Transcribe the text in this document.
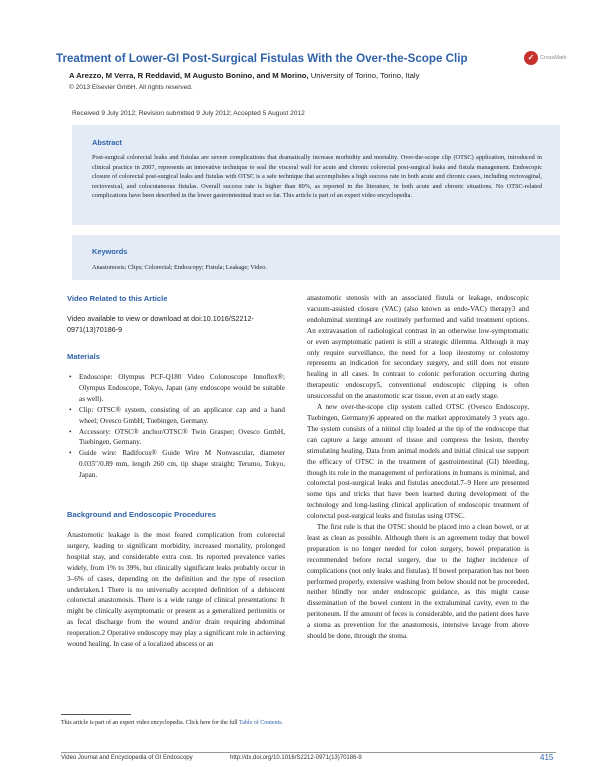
Treatment of Lower-GI Post-Surgical Fistulas With the Over-the-Scope Clip	✓	CrossMark
A Arezzo, M Verra, R Reddavid, M Augusto Bonino, and M Morino, University of Torino, Torino, Italy
© 2013 Elsevier GmbH. All rights reserved.
Received 9 July 2012; Revision submitted 9 July 2012; Accepted 5 August 2012
Abstract
Post-surgical colorectal leaks and fistulas are severe complications that dramatically increase morbidity and mortality. Over-the-scope clip (OTSC) application, introduced in clinical practice in 2007, represents an innovative technique to seal the visceral wall for acute and chronic colorectal post-surgical leaks and fistula management. Endoscopic closure of colorectal post-surgical leaks and fistulas with OTSC is a safe technique that accomplishes a high success rate in both acute and chronic cases, including rectovaginal, rectovesical, and colocutaneous fistulas. Overall success rate is higher than 80%, as reported in the literature, in both acute and chronic situations. No OTSC-related complications have been described in the lower gastrointestinal tract so far. This article is part of an expert video encyclopedia.
Keywords
Anastomosis; Clips; Colorectal; Endoscopy; Fistula; Leakage; Video.
Video Related to this Article
Video available to view or download at doi:10.1016/S2212-0971(13)70186-9
Materials
• Endoscope: Olympus PCF-Q180 Video Colonoscope Innoflex®; Olympus Endoscope, Tokyo, Japan (any endoscope would be suitable as well).
• Clip: OTSC® system, consisting of an applicator cap and a hand wheel; Ovesco GmbH, Tuebingen, Germany.
• Accessory: OTSC® anchor/OTSC® Twin Grasper; Ovesco GmbH, Tuebingen, Germany.
• Guide wire: Radifocus® Guide Wire M Nonvascular, diameter 0.035″/0.89 mm, length 260 cm, tip shape straight; Terumo, Tokyo, Japan.
Background and Endoscopic Procedures

Anastomotic leakage is the most feared complication from colorectal surgery, leading to significant morbidity, increased mortality, prolonged hospital stay, and considerable extra cost. Its reported prevalence varies widely, from 1% to 39%, but clinically significant leaks probably occur in 3–6% of cases, depending on the definition and the type of resection undertaken.1 There is no universally accepted definition of a dehiscent colorectal anastomosis. There is a wide range of clinical presentations: It might be clinically asymptomatic or present as a generalized peritonitis or as fecal discharge from the wound and/or drain requiring abdominal reoperation.2 Operative endoscopy may play a significant role in achieving wound healing. In case of a localized abscess or an

anastomotic stenosis with an associated fistula or leakage, endoscopic vacuum-assisted closure (VAC) (also known as endo-VAC) therapy3 and endoluminal stenting4 are routinely performed and valid treatment options. An extravasation of radiological contrast in an otherwise low-symptomatic or even asymptomatic patient is still a strategic dilemma. Although it may only require surveillance, the need for a loop ileostomy or colostomy represents an indication for secondary surgery, and still does not ensure healing in all cases. In contrast to colonic perforation occurring during therapeutic endoscopy5, conventional endoscopic clipping is often unsuccessful on the anastomotic scar tissue, even at an early stage.

A new over-the-scope clip system called OTSC (Ovesco Endoscopy, Tuebingen, Germany)6 appeared on the market approximately 3 years ago. The system consists of a nitinol clip loaded at the tip of the endoscope that can capture a large amount of tissue and compress the lesion, thereby stimulating healing. Data from animal models and initial clinical use support the efficacy of OTSC in the treatment of gastrointestinal (GI) bleeding, though its role in the management of perforations in humans is minimal, and colorectal post-surgical leaks and fistulas anecdotal.7–9 Here are presented some tips and tricks that have been learned during development of the technology and long-lasting clinical application of endoscopic treatment of colorectal post-surgical leaks and fistulas using OTSC.

The first rule is that the OTSC should be placed into a clean bowel, or at least as clean as possible. Although there is an agreement today that bowel preparation is no longer needed for colon surgery, bowel preparation is recommended before rectal surgery, due to the higher incidence of complications (not only leaks and fistulas). If bowel preparation has not been performed properly, extensive washing from below should not be proceeded, neither blindly nor under endoscopic guidance, as this might cause dissemination of the bowel content in the extraluminal cavity, even to the peritoneum. If the amount of feces is considerable, and the patient does have a stoma as prevention for the anastomosis, intensive lavage from above should be done, through the stoma.

This article is part of an expert video encyclopedia. Click here for the full Table of Contents.
Video Journal and Encyclopedia of GI Endoscopy	http://dx.doi.org/10.1016/S2212-0971(13)70186-9	415
